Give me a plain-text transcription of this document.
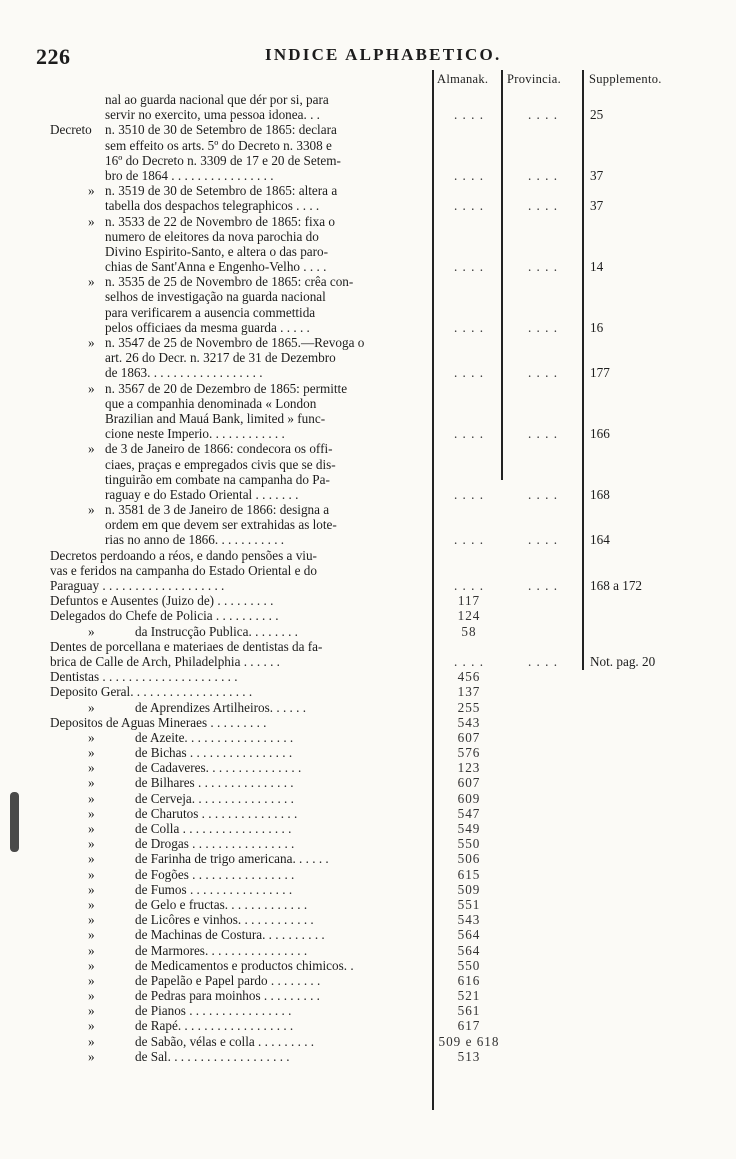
226	INDICE ALPHABETICO.
Almanak. Provincia. Supplemento.
nal ao guarda nacional que dér por si, para
servir no exercito, uma pessoa idonea. . .	. . . .	. . . .	25
Decreto n. 3510 de 30 de Setembro de 1865: declara
sem effeito os arts. 5º do Decreto n. 3308 e
16º do Decreto n. 3309 de 17 e 20 de Setem-
bro de 1864 . . . . . . . . . . . . . . . .	. . . .	. . . .	37
» n. 3519 de 30 de Setembro de 1865: altera a
tabella dos despachos telegraphicos . . . .	. . . .	. . . .	37
» n. 3533 de 22 de Novembro de 1865: fixa o
numero de eleitores da nova parochia do
Divino Espirito-Santo, e altera o das paro-
chias de Sant'Anna e Engenho-Velho . . . .	. . . .	. . . .	14
» n. 3535 de 25 de Novembro de 1865: crêa con-
selhos de investigação na guarda nacional
para verificarem a ausencia commettida
pelos officiaes da mesma guarda . . . . .	. . . .	. . . .	16
» n. 3547 de 25 de Novembro de 1865.—Revoga o
art. 26 do Decr. n. 3217 de 31 de Dezembro
de 1863. . . . . . . . . . . . . . . . . .	. . . .	. . . .	177
» n. 3567 de 20 de Dezembro de 1865: permitte
que a companhia denominada « London
Brazilian and Mauá Bank, limited » func-
cione neste Imperio. . . . . . . . . . . .	. . . .	. . . .	166
» de 3 de Janeiro de 1866: condecora os offi-
ciaes, praças e empregados civis que se dis-
tinguirão em combate na campanha do Pa-
raguay e do Estado Oriental . . . . . . .	. . . .	. . . .	168
» n. 3581 de 3 de Janeiro de 1866: designa a
ordem em que devem ser extrahidas as lote-
rias no anno de 1866. . . . . . . . . . .	. . . .	. . . .	164
Decretos perdoando a réos, e dando pensões a viu-
vas e feridos na campanha do Estado Oriental e do
Paraguay . . . . . . . . . . . . . . . . . . .	. . . .	. . . .	168 a 172
Defuntos e Ausentes (Juizo de) . . . . . . . . .	117
Delegados do Chefe de Policia . . . . . . . . . .	124
»	da Instrucção Publica. . . . . . . .	58
Dentes de porcellana e materiaes de dentistas da fa-
brica de Calle de Arch, Philadelphia . . . . . .	. . . .	. . . .	Not. pag. 20
Dentistas . . . . . . . . . . . . . . . . . . . . .	456
Deposito Geral. . . . . . . . . . . . . . . . . . .	137
»	de Aprendizes Artilheiros. . . . . .	255
Depositos de Aguas Mineraes . . . . . . . . .	543
»	de Azeite. . . . . . . . . . . . . . . . .	607
»	de Bichas . . . . . . . . . . . . . . . .	576
»	de Cadaveres. . . . . . . . . . . . . . .	123
»	de Bilhares . . . . . . . . . . . . . . .	607
»	de Cerveja. . . . . . . . . . . . . . . .	609
»	de Charutos . . . . . . . . . . . . . . .	547
»	de Colla . . . . . . . . . . . . . . . . .	549
»	de Drogas . . . . . . . . . . . . . . . .	550
»	de Farinha de trigo americana. . . . . .	506
»	de Fogões . . . . . . . . . . . . . . . .	615
»	de Fumos . . . . . . . . . . . . . . . .	509
»	de Gelo e fructas. . . . . . . . . . . . .	551
»	de Licôres e vinhos. . . . . . . . . . . .	543
»	de Machinas de Costura. . . . . . . . . .	564
»	de Marmores. . . . . . . . . . . . . . . .	564
»	de Medicamentos e productos chimicos. .	550
»	de Papelão e Papel pardo . . . . . . . .	616
»	de Pedras para moinhos . . . . . . . . .	521
»	de Pianos . . . . . . . . . . . . . . . .	561
»	de Rapé. . . . . . . . . . . . . . . . . .	617
»	de Sabão, vélas e colla . . . . . . . . .	509 e 618
»	de Sal. . . . . . . . . . . . . . . . . . .	513
